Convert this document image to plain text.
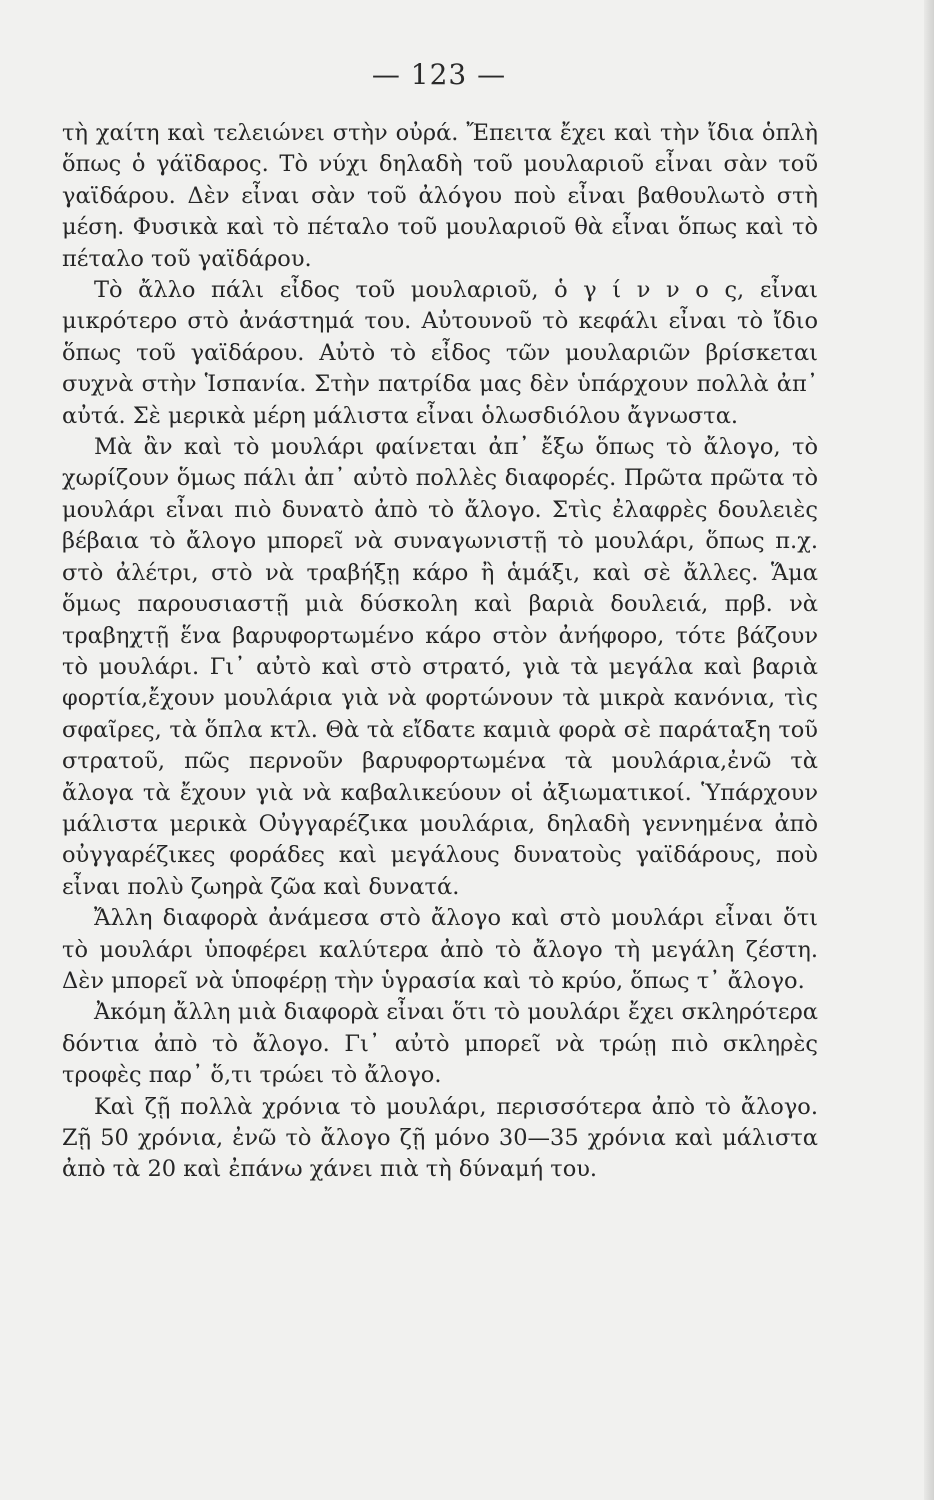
— 123 —

τὴ χαίτη καὶ τελειώνει στὴν οὐρά. Ἔπειτα ἔχει καὶ τὴν ἴδια ὁπλὴ ὅπως ὁ γάϊδαρος. Τὸ νύχι δηλαδὴ τοῦ μουλαριοῦ εἶναι σὰν τοῦ γαϊδάρου. Δὲν εἶναι σὰν τοῦ ἀλόγου ποὺ εἶναι βαθουλωτὸ στὴ μέση. Φυσικὰ καὶ τὸ πέταλο τοῦ μουλαριοῦ θὰ εἶναι ὅπως καὶ τὸ πέταλο τοῦ γαϊδάρου.

Τὸ ἄλλο πάλι εἶδος τοῦ μουλαριοῦ, ὁ γ ί ν ν ο ς, εἶναι μικρότερο στὸ ἀνάστημά του. Αὐτουνοῦ τὸ κεφάλι εἶναι τὸ ἴδιο ὅπως τοῦ γαϊδάρου. Αὐτὸ τὸ εἶδος τῶν μουλαριῶν βρίσκεται συχνὰ στὴν Ἱσπανία. Στὴν πατρίδα μας δὲν ὑπάρχουν πολλὰ ἀπ᾽ αὐτά. Σὲ μερικὰ μέρη μάλιστα εἶναι ὁλωσδιόλου ἄγνωστα.

Μὰ ἂν καὶ τὸ μουλάρι φαίνεται ἀπ᾽ ἔξω ὅπως τὸ ἄλογο, τὸ χωρίζουν ὅμως πάλι ἀπ᾽ αὐτὸ πολλὲς διαφορές. Πρῶτα πρῶτα τὸ μουλάρι εἶναι πιὸ δυνατὸ ἀπὸ τὸ ἄλογο. Στὶς ἐλαφρὲς δουλειὲς βέβαια τὸ ἄλογο μπορεῖ νὰ συναγωνιστῇ τὸ μουλάρι, ὅπως π.χ. στὸ ἀλέτρι, στὸ νὰ τραβήξῃ κάρο ἢ ἁμάξι, καὶ σὲ ἄλλες. Ἅμα ὅμως παρουσιαστῇ μιὰ δύσκολη καὶ βαριὰ δουλειά, πρβ. νὰ τραβηχτῇ ἕνα βαρυφορτωμένο κάρο στὸν ἀνήφορο, τότε βάζουν τὸ μουλάρι. Γι᾽ αὐτὸ καὶ στὸ στρατό, γιὰ τὰ μεγάλα καὶ βαριὰ φορτία,ἔχουν μουλάρια γιὰ νὰ φορτώνουν τὰ μικρὰ κανόνια, τὶς σφαῖρες, τὰ ὅπλα κτλ. Θὰ τὰ εἴδατε καμιὰ φορὰ σὲ παράταξη τοῦ στρατοῦ, πῶς περνοῦν βαρυφορτωμένα τὰ μουλάρια,ἐνῶ τὰ ἄλογα τὰ ἔχουν γιὰ νὰ καβαλικεύουν οἱ ἀξιωματικοί. Ὑπάρχουν μάλιστα μερικὰ Οὐγγαρέζικα μουλάρια, δηλαδὴ γεννημένα ἀπὸ οὐγγαρέζικες φοράδες καὶ μεγάλους δυνατοὺς γαϊδάρους, ποὺ εἶναι πολὺ ζωηρὰ ζῶα καὶ δυνατά.

Ἄλλη διαφορὰ ἀνάμεσα στὸ ἄλογο καὶ στὸ μουλάρι εἶναι ὅτι τὸ μουλάρι ὑποφέρει καλύτερα ἀπὸ τὸ ἄλογο τὴ μεγάλη ζέστη. Δὲν μπορεῖ νὰ ὑποφέρῃ τὴν ὑγρασία καὶ τὸ κρύο, ὅπως τ᾽ ἄλογο.

Ἀκόμη ἄλλη μιὰ διαφορὰ εἶναι ὅτι τὸ μουλάρι ἔχει σκληρότερα δόντια ἀπὸ τὸ ἄλογο. Γι᾽ αὐτὸ μπορεῖ νὰ τρώῃ πιὸ σκληρὲς τροφὲς παρ᾽ ὅ,τι τρώει τὸ ἄλογο.

Καὶ ζῇ πολλὰ χρόνια τὸ μουλάρι, περισσότερα ἀπὸ τὸ ἄλογο. Ζῇ 50 χρόνια, ἐνῶ τὸ ἄλογο ζῇ μόνο 30—35 χρόνια καὶ μάλιστα ἀπὸ τὰ 20 καὶ ἐπάνω χάνει πιὰ τὴ δύναμή του.
